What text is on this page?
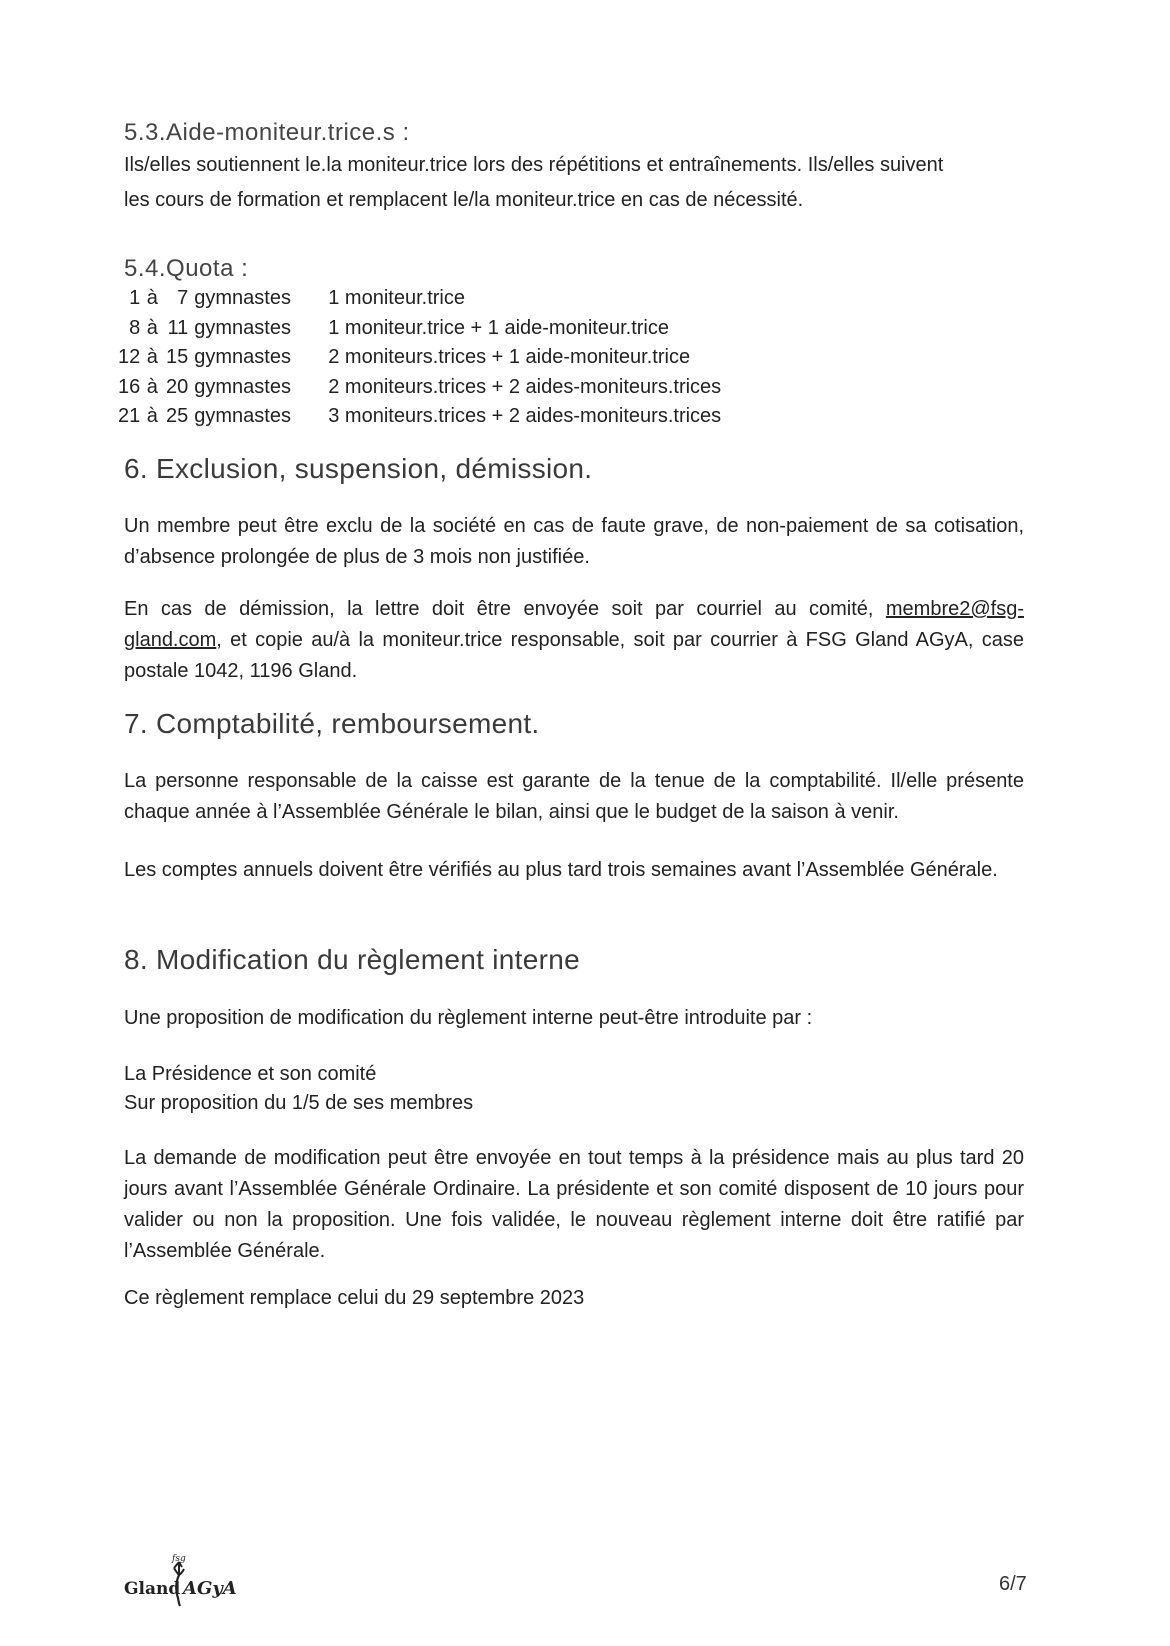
5.3.Aide-moniteur.trice.s :
Ils/elles soutiennent le.la moniteur.trice lors des répétitions et entraînements. Ils/elles suivent
les cours de formation et remplacent le/la moniteur.trice en cas de nécessité.
5.4.Quota :
1	à	7	gymnastes	1 moniteur.trice
8	à	11	gymnastes	1 moniteur.trice + 1 aide-moniteur.trice
12	à	15	gymnastes	2 moniteurs.trices + 1 aide-moniteur.trice
16	à	20	gymnastes	2 moniteurs.trices + 2 aides-moniteurs.trices
21	à	25	gymnastes	3 moniteurs.trices + 2 aides-moniteurs.trices
6. Exclusion, suspension, démission.
Un membre peut être exclu de la société en cas de faute grave, de non-paiement de sa cotisation, d’absence prolongée de plus de 3 mois non justifiée.
En cas de démission, la lettre doit être envoyée soit par courriel au comité, membre2@fsg-gland.com, et copie au/à la moniteur.trice responsable, soit par courrier à FSG Gland AGyA, case postale 1042, 1196 Gland.
7. Comptabilité, remboursement.
La personne responsable de la caisse est garante de la tenue de la comptabilité. Il/elle présente chaque année à l’Assemblée Générale le bilan, ainsi que le budget de la saison à venir.
Les comptes annuels doivent être vérifiés au plus tard trois semaines avant l’Assemblée Générale.
8. Modification du règlement interne
Une proposition de modification du règlement interne peut-être introduite par :
La Présidence et son comité
Sur proposition du 1/5 de ses membres
La demande de modification peut être envoyée en tout temps à la présidence mais au plus tard 20 jours avant l’Assemblée Générale Ordinaire. La présidente et son comité disposent de 10 jours pour valider ou non la proposition. Une fois validée, le nouveau règlement interne doit être ratifié par l’Assemblée Générale.
Ce règlement remplace celui du 29 septembre 2023
fsg
Gland AGyA	6/7
